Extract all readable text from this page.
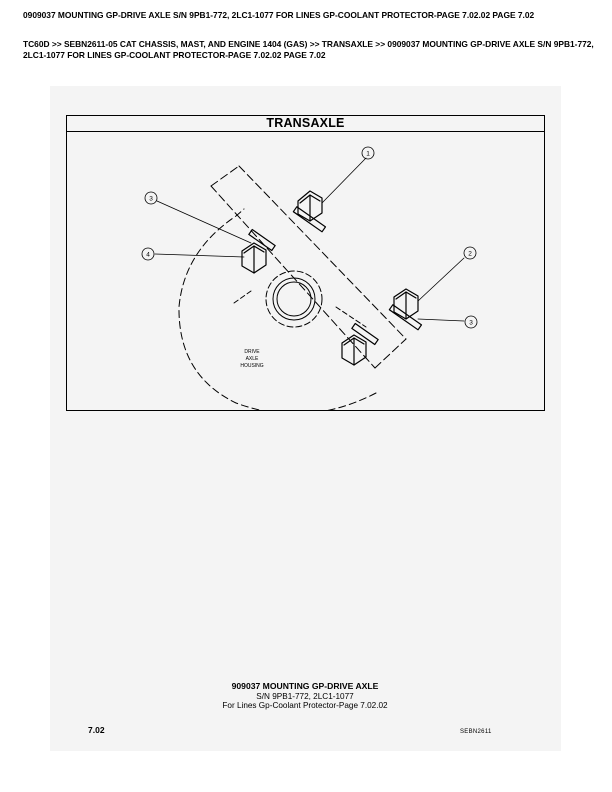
0909037 MOUNTING GP-DRIVE AXLE S/N 9PB1-772, 2LC1-1077 FOR LINES GP-COOLANT PROTECTOR-PAGE 7.02.02 PAGE 7.02
TC60D >> SEBN2611-05 CAT CHASSIS, MAST, AND ENGINE 1404 (GAS) >> TRANSAXLE >> 0909037 MOUNTING GP-DRIVE AXLE S/N 9PB1-772, 2LC1-1077 FOR LINES GP-COOLANT PROTECTOR-PAGE 7.02.02 PAGE 7.02
TRANSAXLE
1
2
3
3
4
DRIVE
AXLE
HOUSING
909037 MOUNTING GP-DRIVE AXLE
S/N 9PB1-772, 2LC1-1077
For Lines Gp-Coolant Protector-Page 7.02.02
7.02	SEBN2611
